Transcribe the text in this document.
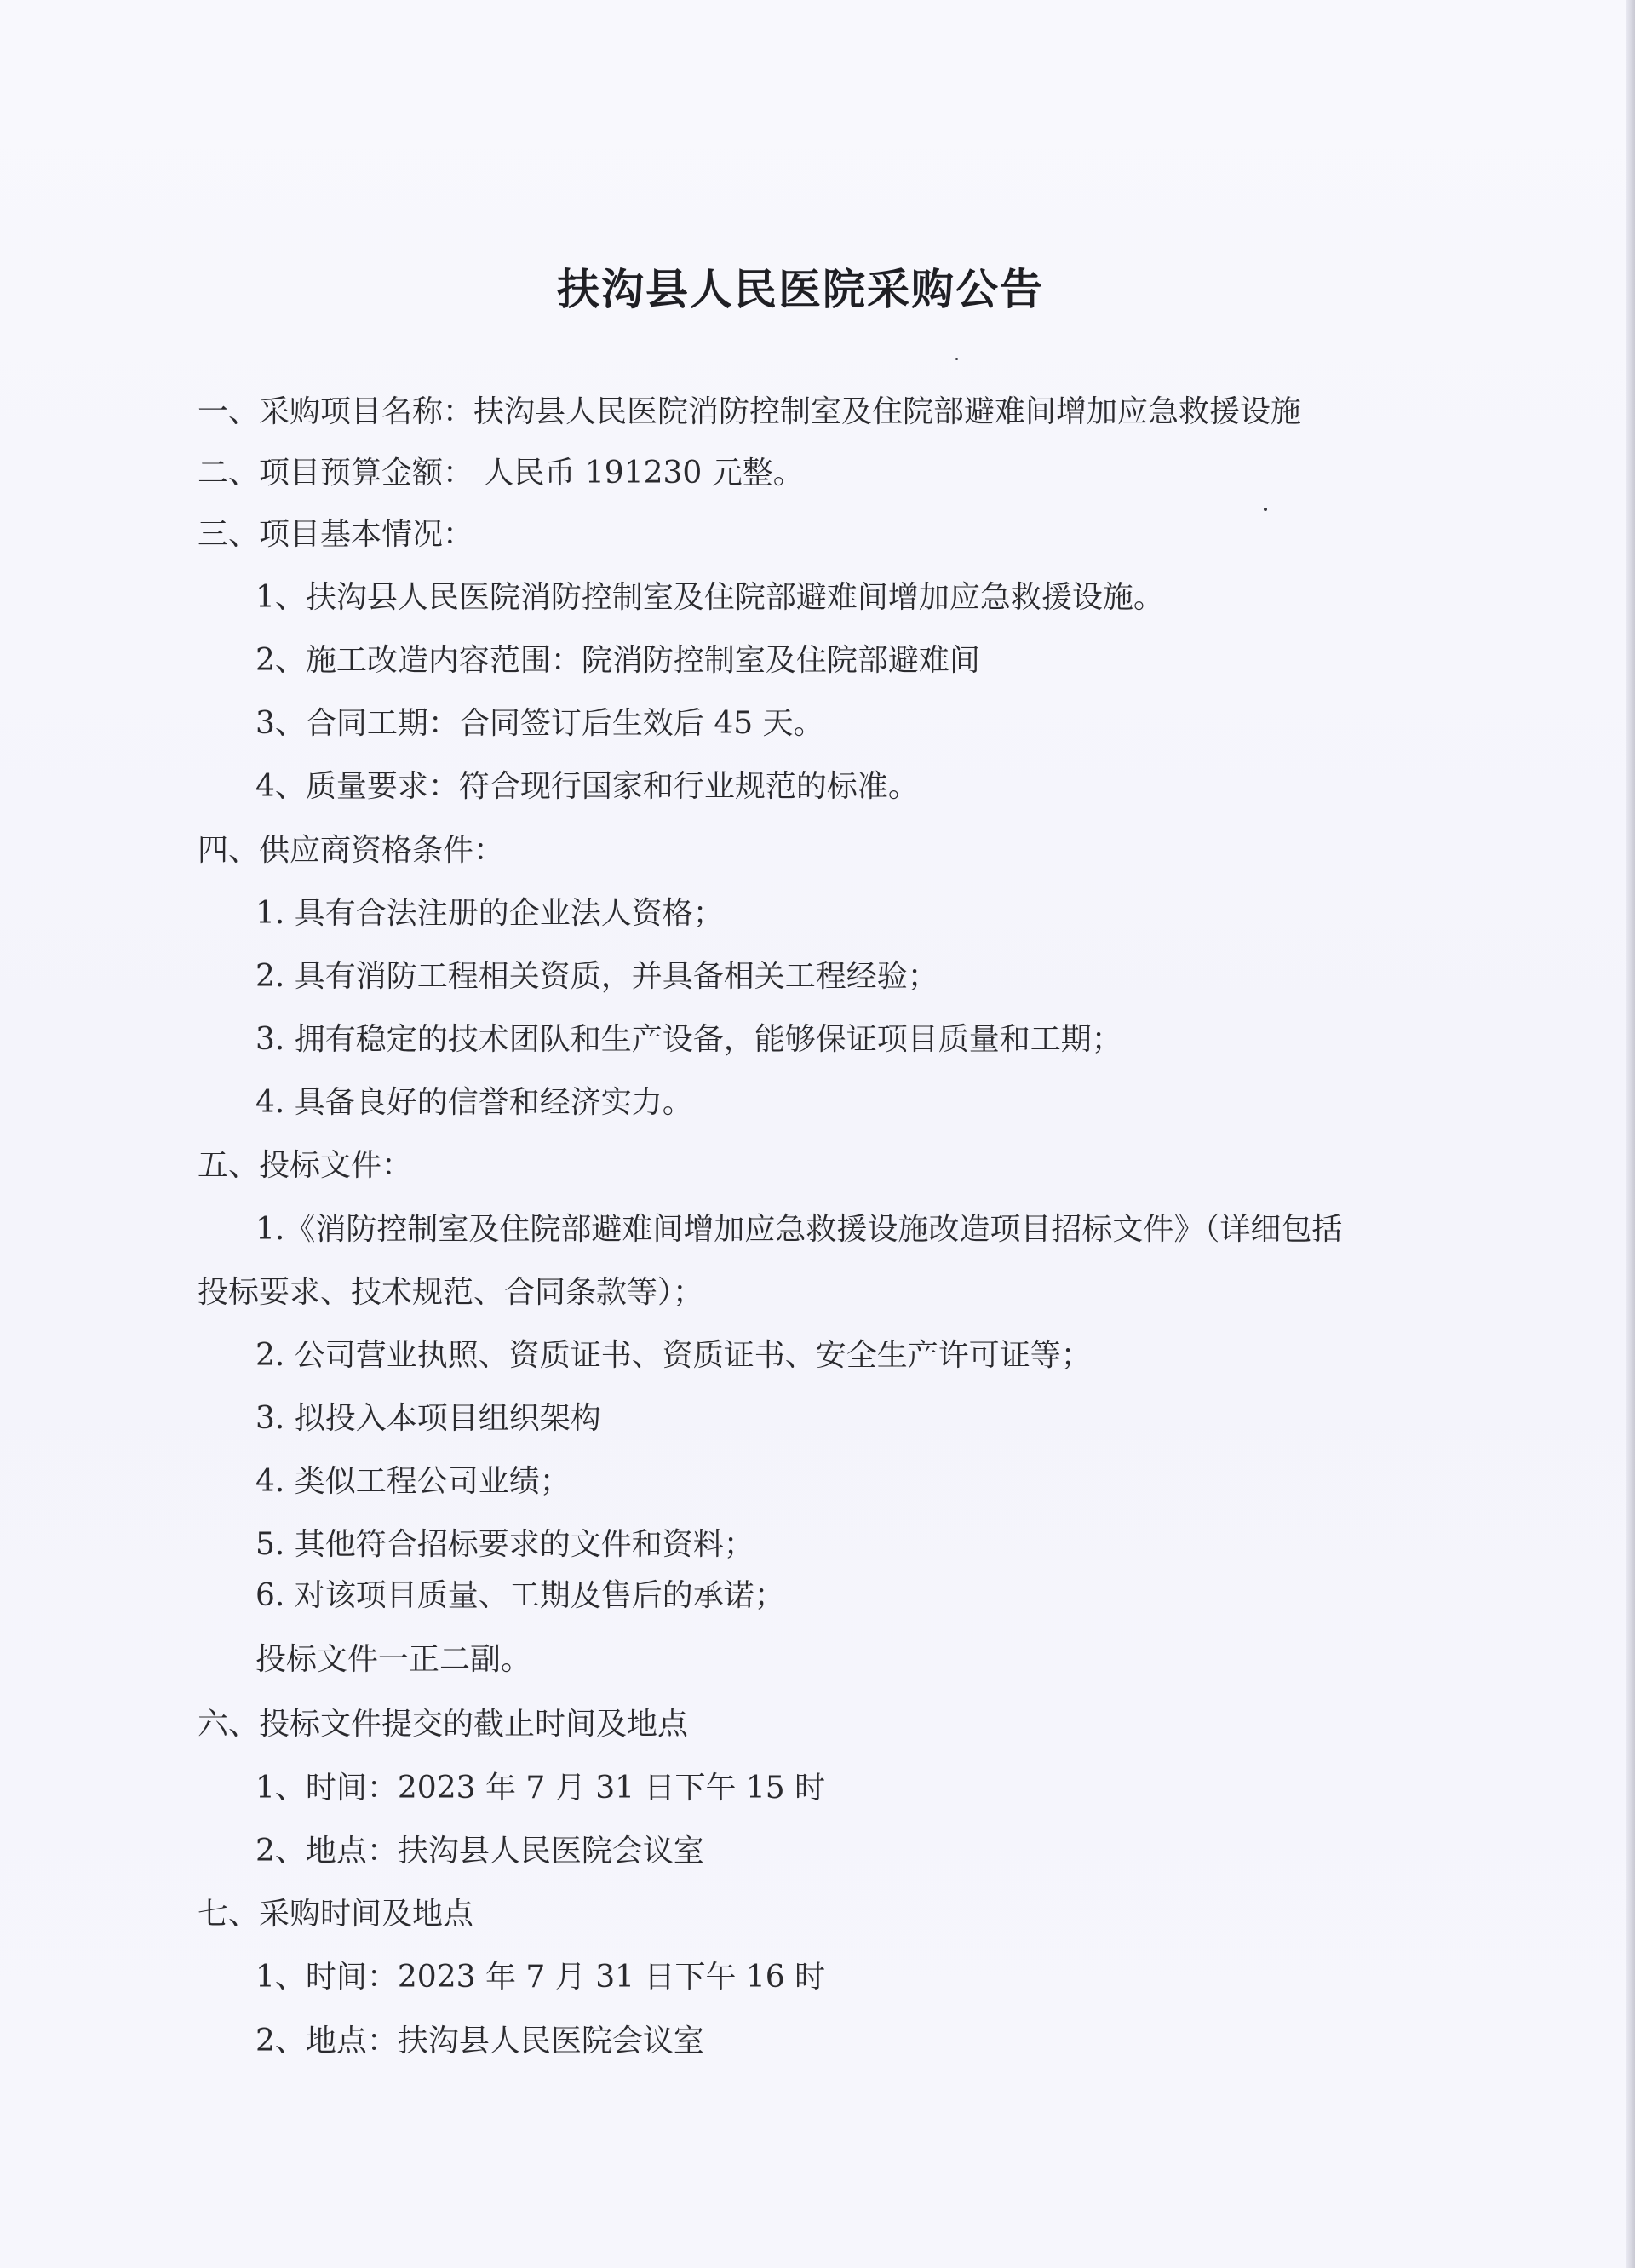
扶沟县人民医院采购公告
一、采购项目名称：扶沟县人民医院消防控制室及住院部避难间增加应急救援设施
二、项目预算金额： 人民币 191230 元整。
三、项目基本情况：
1、扶沟县人民医院消防控制室及住院部避难间增加应急救援设施。
2、施工改造内容范围：院消防控制室及住院部避难间
3、合同工期：合同签订后生效后 45 天。
4、质量要求：符合现行国家和行业规范的标准。
四、供应商资格条件：
1. 具有合法注册的企业法人资格；
2. 具有消防工程相关资质，并具备相关工程经验；
3. 拥有稳定的技术团队和生产设备，能够保证项目质量和工期；
4. 具备良好的信誉和经济实力。
五、投标文件：
1.《消防控制室及住院部避难间增加应急救援设施改造项目招标文件》（详细包括
投标要求、技术规范、合同条款等）；
2. 公司营业执照、资质证书、资质证书、安全生产许可证等；
3. 拟投入本项目组织架构
4. 类似工程公司业绩；
5. 其他符合招标要求的文件和资料；
6. 对该项目质量、工期及售后的承诺；
投标文件一正二副。
六、投标文件提交的截止时间及地点
1、时间：2023 年 7 月 31 日下午 15 时
2、地点：扶沟县人民医院会议室
七、采购时间及地点
1、时间：2023 年 7 月 31 日下午 16 时
2、地点：扶沟县人民医院会议室
